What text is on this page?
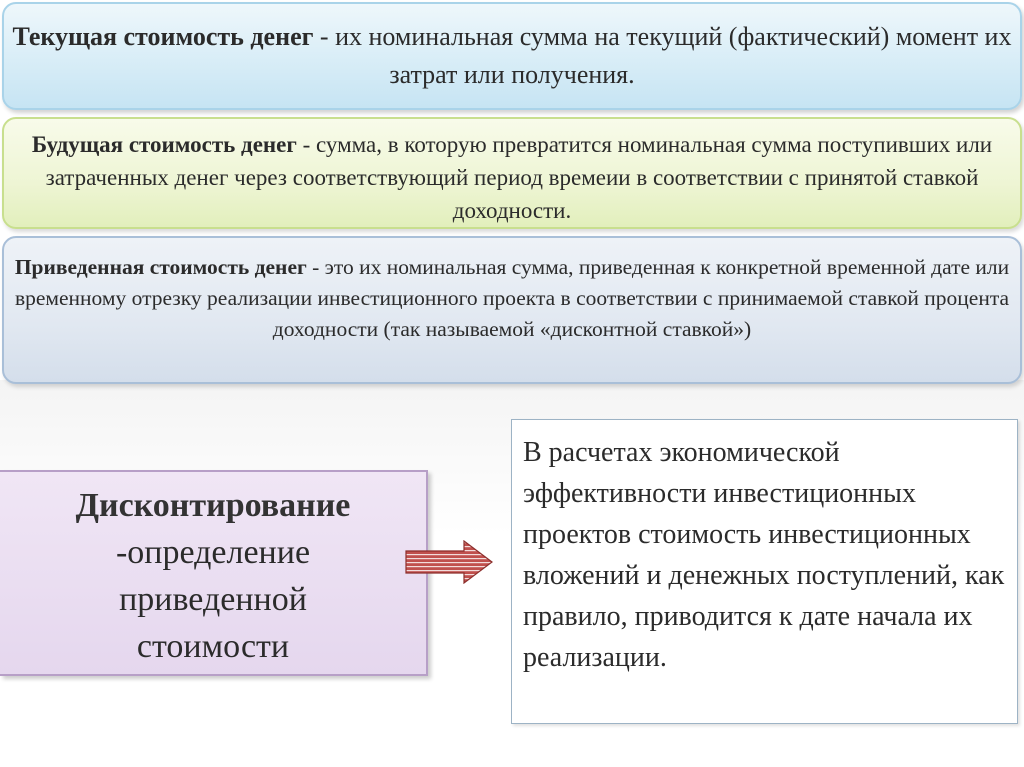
Текущая стоимость денег - их номинальная сумма на текущий (фактический) момент их затрат или получения.
Будущая стоимость денег - сумма, в которую превратится номинальная сумма поступивших или затраченных денег через соответствующий период времеии в соответствии с принятой ставкой доходности.
Приведенная стоимость денег - это их номинальная сумма, приведенная к конкретной временной дате или временному отрезку реализации инвестиционного проекта в соответствии с принимаемой ставкой процента доходности (так называемой «дисконтной ставкой»)
Дисконтирование
-определение
приведенной
стоимости
В расчетах экономической эффективности инвестиционных проектов стоимость инвестиционных вложений и денежных поступлений, как правило, приводится к дате начала их реализации.
